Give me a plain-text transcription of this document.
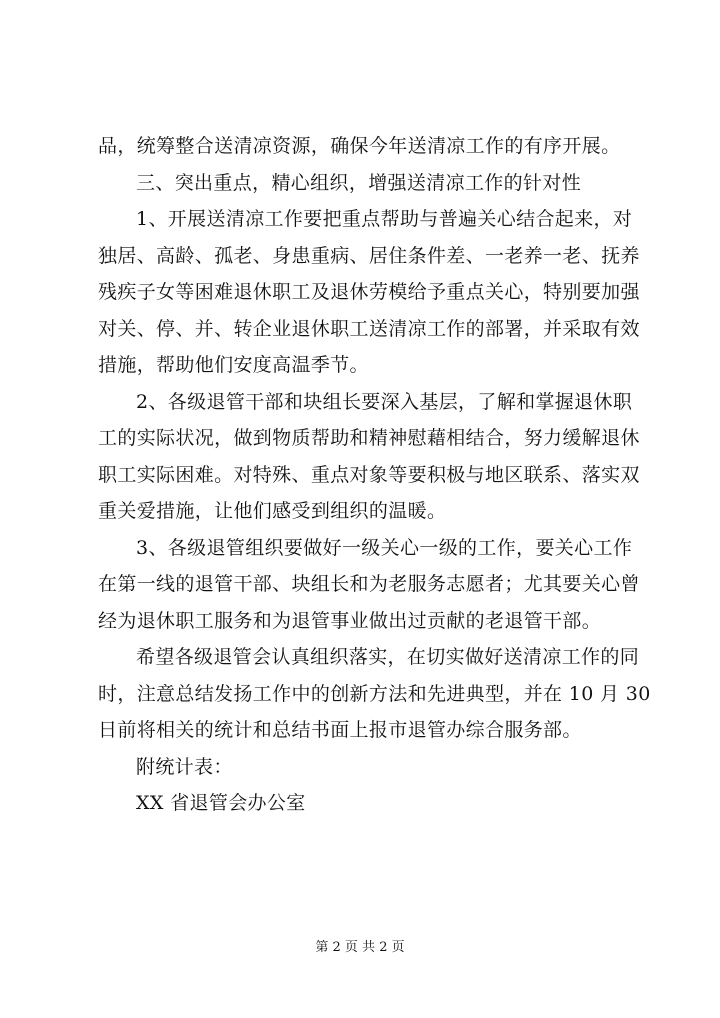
品，统筹整合送清凉资源，确保今年送清凉工作的有序开展。
三、突出重点，精心组织，增强送清凉工作的针对性
1、开展送清凉工作要把重点帮助与普遍关心结合起来，对
独居、高龄、孤老、身患重病、居住条件差、一老养一老、抚养
残疾子女等困难退休职工及退休劳模给予重点关心，特别要加强
对关、停、并、转企业退休职工送清凉工作的部署，并采取有效
措施，帮助他们安度高温季节。
2、各级退管干部和块组长要深入基层，了解和掌握退休职
工的实际状况，做到物质帮助和精神慰藉相结合，努力缓解退休
职工实际困难。对特殊、重点对象等要积极与地区联系、落实双
重关爱措施，让他们感受到组织的温暖。
3、各级退管组织要做好一级关心一级的工作，要关心工作
在第一线的退管干部、块组长和为老服务志愿者；尤其要关心曾
经为退休职工服务和为退管事业做出过贡献的老退管干部。
希望各级退管会认真组织落实，在切实做好送清凉工作的同
时，注意总结发扬工作中的创新方法和先进典型，并在 10 月 30
日前将相关的统计和总结书面上报市退管办综合服务部。
附统计表：
XX 省退管会办公室
第 2 页 共 2 页
